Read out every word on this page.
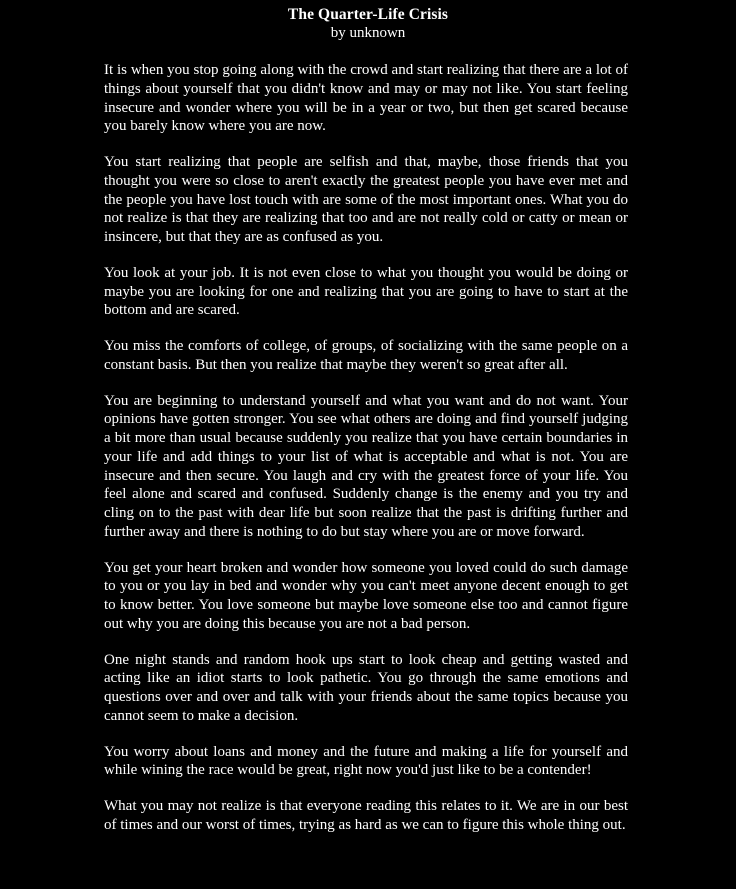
The Quarter-Life Crisis

by unknown

It is when you stop going along with the crowd and start realizing that there are a lot of things about yourself that you didn't know and may or may not like. You start feeling insecure and wonder where you will be in a year or two, but then get scared because you barely know where you are now.

You start realizing that people are selfish and that, maybe, those friends that you thought you were so close to aren't exactly the greatest people you have ever met and the people you have lost touch with are some of the most important ones. What you do not realize is that they are realizing that too and are not really cold or catty or mean or insincere, but that they are as confused as you.

You look at your job. It is not even close to what you thought you would be doing or maybe you are looking for one and realizing that you are going to have to start at the bottom and are scared.

You miss the comforts of college, of groups, of socializing with the same people on a constant basis. But then you realize that maybe they weren't so great after all.

You are beginning to understand yourself and what you want and do not want. Your opinions have gotten stronger. You see what others are doing and find yourself judging a bit more than usual because suddenly you realize that you have certain boundaries in your life and add things to your list of what is acceptable and what is not. You are insecure and then secure. You laugh and cry with the greatest force of your life. You feel alone and scared and confused. Suddenly change is the enemy and you try and cling on to the past with dear life but soon realize that the past is drifting further and further away and there is nothing to do but stay where you are or move forward.

You get your heart broken and wonder how someone you loved could do such damage to you or you lay in bed and wonder why you can't meet anyone decent enough to get to know better. You love someone but maybe love someone else too and cannot figure out why you are doing this because you are not a bad person.

One night stands and random hook ups start to look cheap and getting wasted and acting like an idiot starts to look pathetic. You go through the same emotions and questions over and over and talk with your friends about the same topics because you cannot seem to make a decision.

You worry about loans and money and the future and making a life for yourself and while wining the race would be great, right now you'd just like to be a contender!

What you may not realize is that everyone reading this relates to it. We are in our best of times and our worst of times, trying as hard as we can to figure this whole thing out.
